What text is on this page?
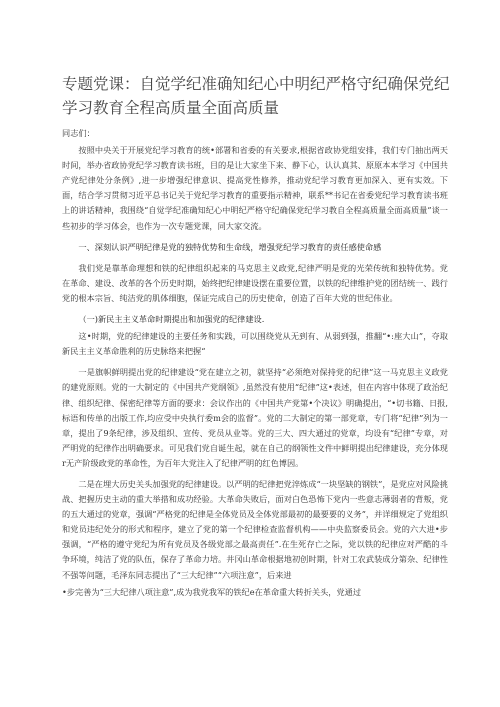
专题党课：自觉学纪准确知纪心中明纪严格守纪确保党纪学习教育全程高质量全面高质量

同志们：

按照中央关于开展党纪学习教育的统•部署和省委的有关要求,根据省政协党组安排，我们专门抽出两天时间，举办省政协党纪学习教育读书班，目的是让大家坐下来、静下心，认认真其、原原本本学习《中国共产党纪律处分条例》,进一步增强纪律意识、提高党性修养，推动党纪学习教育更加深入、更有实效。下面，结合学习贯彻习近平总书记关于党纪学习教育的重要指示精神，联系**书记在省委党纪学习教育读书班上的讲话精神，我围绕“自觉学纪准确知纪心中明纪严格守纪确保党纪学习教自全程高质量全面高质量”谈一些初步的学习体会，也作为一次专题党课，同大家交流。

一、深刻认识严明纪律是党的独特优势和生命线，增强党纪学习教育的责任感使命感

我们党是靠革命理想和铁的纪律组织起来的马克思主义政党,纪律严明是党的光荣传统和独特优势。党在革命、建设、改革的各个历史时期，始终把纪律建设摆在重要位置，以铁的纪律维护党的团结统一、践行党的根本宗旨、纯洁党的肌体细胞，保证完成自己的历史使命，创造了百年大党的世纪伟业。

（一)新民主主义革命时期提出和加强党的纪律建设.

这•时期，党的纪律建设的主要任务和实践，可以围绕党从无到有、从弱到强，推翻“•:座大山”，夺取新民主主义革命胜利的历史脉络来把握“

一是旗帜鲜明提出党的纪律建设“党在建立之初，就坚持“必须绝对保持党的纪律”这一马克思主义政党的建党原则。党的一大制定的《中国共产党纲领》,虽然没有使用“纪律”这•表述，但在内容中体现了政治纪律、组织纪律、保密纪律等方面的要求：会议作出的《中国共产党第•个决议》明确提出，“•切书籍、日报,标语和传单的出版工作,均应受中央执行委m会的监督”。党的二大制定的第一部党章，专门将“纪律”列为一章，提出了9条纪律，涉及组织、宣传、党员从业等。党的三大、四大通过的党章，均设有“纪律”专章，对严明党的纪律作出明确要求。可见我们党自诞生起，就在自己的纲领性文件中鲜明提出纪律建设，充分体现r无产阶级政党的革命性，为百年大党注入了纪律严明的红色博因。

二是在埋大历史关头加强党的纪律建设。以严明的纪律把党淬炼成“一块坚缺的钢铁”，是党应对风险挑战、把握历史主动的重大举措和成功经验。大革命失败后，面对白色恐怖下党内一些意志薄弱者的背叛，党的五大通过的党章，强调“严格党的纪律是全体党员及全体党部最初的最要要的义务”，并详细规定了党组织和党员违纪处分的形式和程序，建立了党的第一个纪律检查监督机构——中央监察委员会。党的六大进•步强调，“严格的遵守党纪为所有党员及各级党部之最高责任”.在生死存亡之际，党以铁的纪律应对严酷的斗争环境，纯洁了党的队伍，保存了革命力培。井冈山革命根据地初创时期，针对工农武装成分第杂、纪律性不强等问题，毛泽东同志提出了“三大纪律”“六项注意”，后来进

•步完善为“三大纪律八项注意”,成为我党我军的铁纪e在革命重大转折关头，党通过
